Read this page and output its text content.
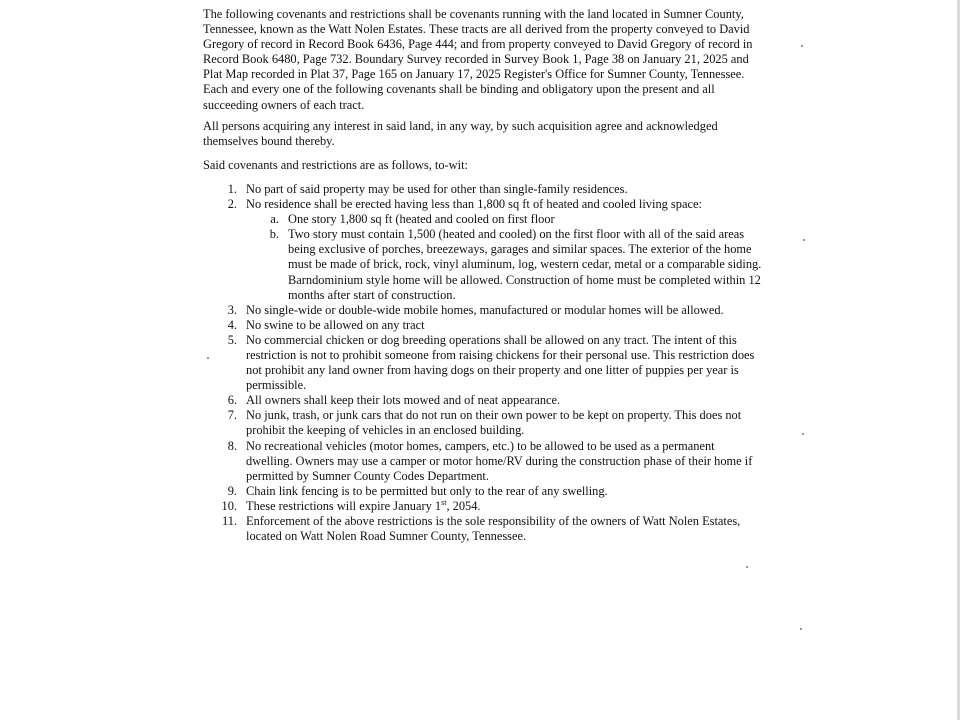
The following covenants and restrictions shall be covenants running with the land located in Sumner County, Tennessee, known as the Watt Nolen Estates. These tracts are all derived from the property conveyed to David Gregory of record in Record Book 6436, Page 444; and from property conveyed to David Gregory of record in Record Book 6480, Page 732. Boundary Survey recorded in Survey Book 1, Page 38 on January 21, 2025 and Plat Map recorded in Plat 37, Page 165 on January 17, 2025 Register's Office for Sumner County, Tennessee. Each and every one of the following covenants shall be binding and obligatory upon the present and all succeeding owners of each tract.

All persons acquiring any interest in said land, in any way, by such acquisition agree and acknowledged themselves bound thereby.

Said covenants and restrictions are as follows, to-wit:

1. No part of said property may be used for other than single-family residences.
2. No residence shall be erected having less than 1,800 sq ft of heated and cooled living space:
a. One story 1,800 sq ft (heated and cooled on first floor
b. Two story must contain 1,500 (heated and cooled) on the first floor with all of the said areas being exclusive of porches, breezeways, garages and similar spaces. The exterior of the home must be made of brick, rock, vinyl aluminum, log, western cedar, metal or a comparable siding. Barndominium style home will be allowed. Construction of home must be completed within 12 months after start of construction.
3. No single-wide or double-wide mobile homes, manufactured or modular homes will be allowed.
4. No swine to be allowed on any tract
5. No commercial chicken or dog breeding operations shall be allowed on any tract. The intent of this restriction is not to prohibit someone from raising chickens for their personal use. This restriction does not prohibit any land owner from having dogs on their property and one litter of puppies per year is permissible.
6. All owners shall keep their lots mowed and of neat appearance.
7. No junk, trash, or junk cars that do not run on their own power to be kept on property. This does not prohibit the keeping of vehicles in an enclosed building.
8. No recreational vehicles (motor homes, campers, etc.) to be allowed to be used as a permanent dwelling. Owners may use a camper or motor home/RV during the construction phase of their home if permitted by Sumner County Codes Department.
9. Chain link fencing is to be permitted but only to the rear of any swelling.
10. These restrictions will expire January 1st, 2054.
11. Enforcement of the above restrictions is the sole responsibility of the owners of Watt Nolen Estates, located on Watt Nolen Road Sumner County, Tennessee.
